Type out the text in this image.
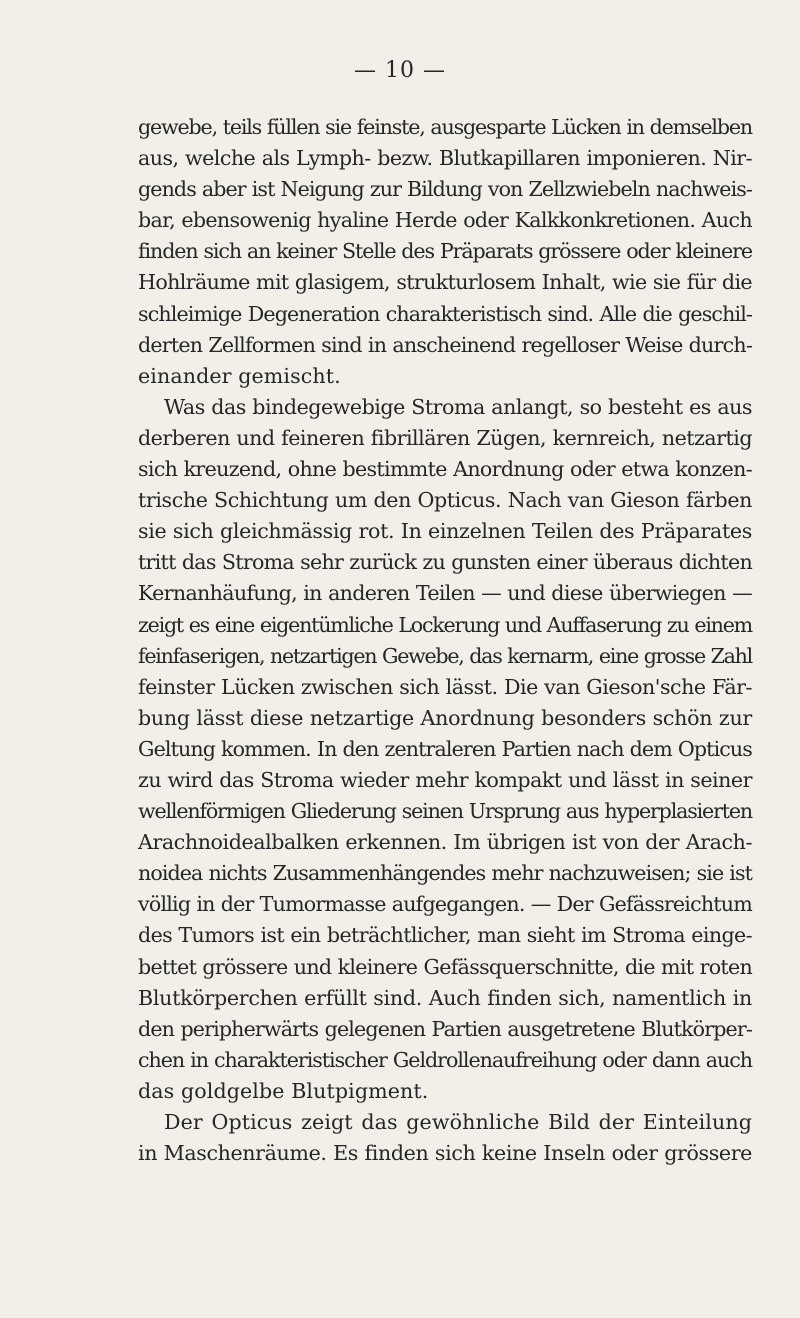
— 10 —
gewebe, teils füllen sie feinste, ausgesparte Lücken in demselben
aus, welche als Lymph- bezw. Blutkapillaren imponieren. Nir-
gends aber ist Neigung zur Bildung von Zellzwiebeln nachweis-
bar, ebensowenig hyaline Herde oder Kalkkonkretionen. Auch
finden sich an keiner Stelle des Präparats grössere oder kleinere
Hohlräume mit glasigem, strukturlosem Inhalt, wie sie für die
schleimige Degeneration charakteristisch sind. Alle die geschil-
derten Zellformen sind in anscheinend regelloser Weise durch-
einander gemischt.
Was das bindegewebige Stroma anlangt, so besteht es aus
derberen und feineren fibrillären Zügen, kernreich, netzartig
sich kreuzend, ohne bestimmte Anordnung oder etwa konzen-
trische Schichtung um den Opticus. Nach van Gieson färben
sie sich gleichmässig rot. In einzelnen Teilen des Präparates
tritt das Stroma sehr zurück zu gunsten einer überaus dichten
Kernanhäufung, in anderen Teilen — und diese überwiegen —
zeigt es eine eigentümliche Lockerung und Auffaserung zu einem
feinfaserigen, netzartigen Gewebe, das kernarm, eine grosse Zahl
feinster Lücken zwischen sich lässt. Die van Gieson'sche Fär-
bung lässt diese netzartige Anordnung besonders schön zur
Geltung kommen. In den zentraleren Partien nach dem Opticus
zu wird das Stroma wieder mehr kompakt und lässt in seiner
wellenförmigen Gliederung seinen Ursprung aus hyperplasierten
Arachnoidealbalken erkennen. Im übrigen ist von der Arach-
noidea nichts Zusammenhängendes mehr nachzuweisen; sie ist
völlig in der Tumormasse aufgegangen. — Der Gefässreichtum
des Tumors ist ein beträchtlicher, man sieht im Stroma einge-
bettet grössere und kleinere Gefässquerschnitte, die mit roten
Blutkörperchen erfüllt sind. Auch finden sich, namentlich in
den peripherwärts gelegenen Partien ausgetretene Blutkörper-
chen in charakteristischer Geldrollenaufreihung oder dann auch
das goldgelbe Blutpigment.
Der Opticus zeigt das gewöhnliche Bild der Einteilung
in Maschenräume. Es finden sich keine Inseln oder grössere
